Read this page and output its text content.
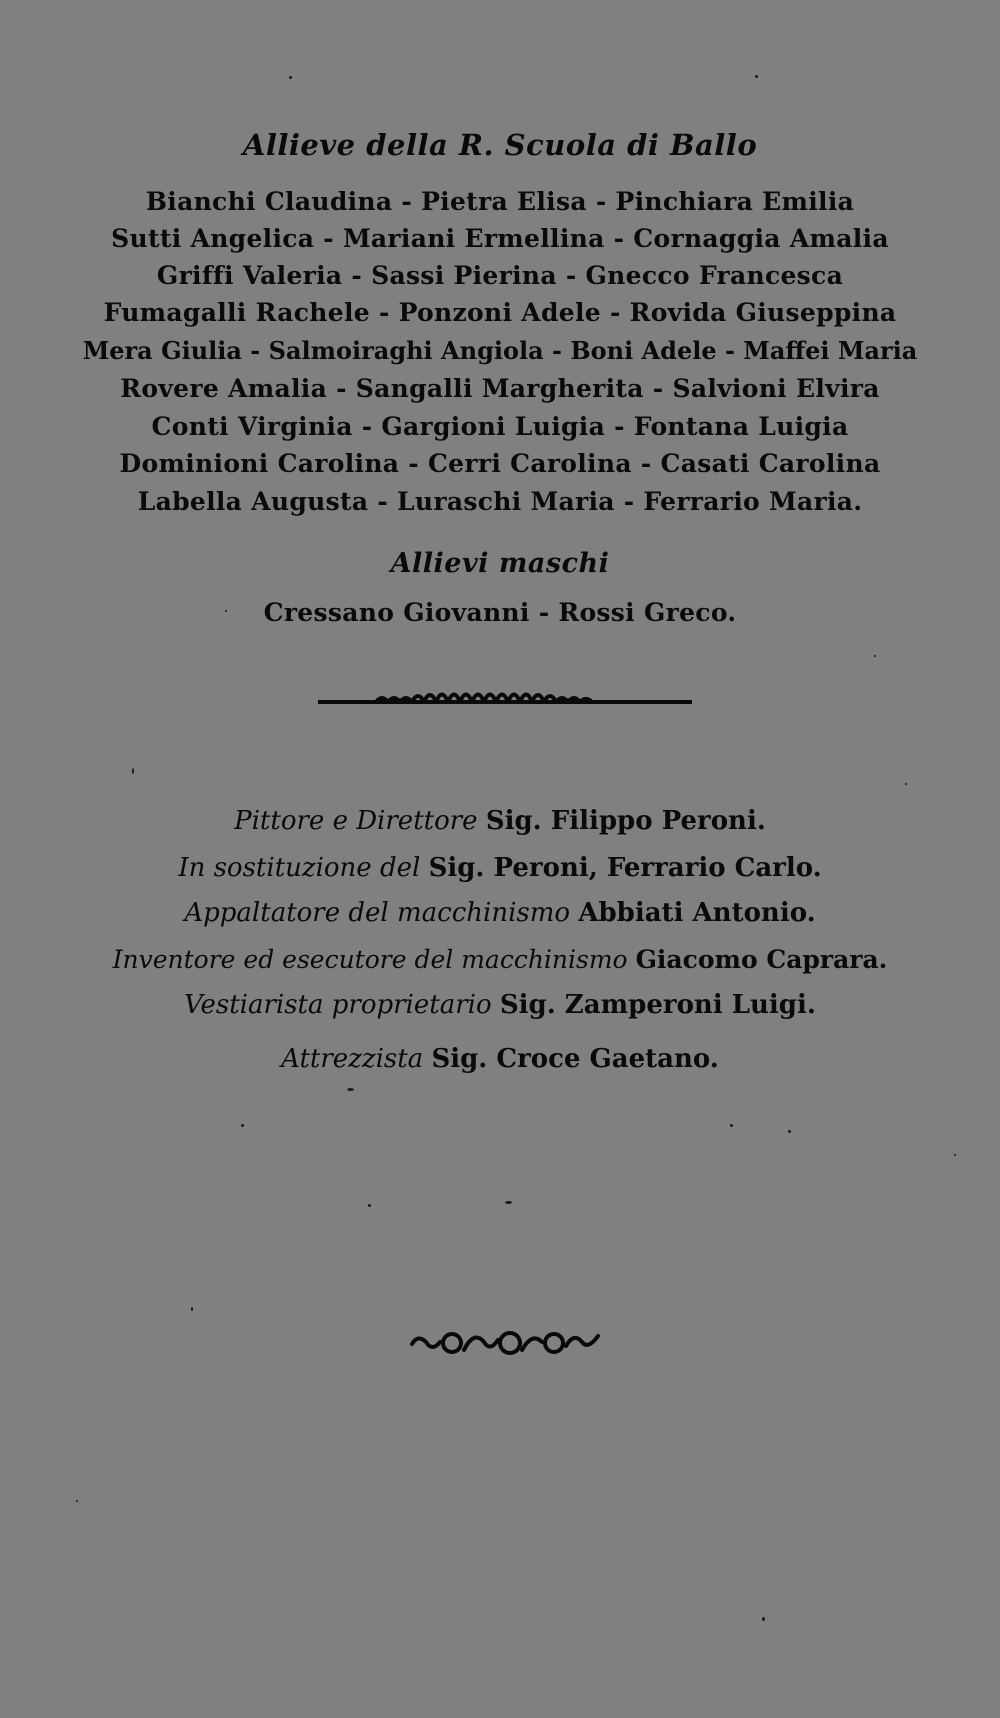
Allieve della R. Scuola di Ballo
Bianchi Claudina - Pietra Elisa - Pinchiara Emilia
Sutti Angelica - Mariani Ermellina - Cornaggia Amalia
Griffi Valeria - Sassi Pierina - Gnecco Francesca
Fumagalli Rachele - Ponzoni Adele - Rovida Giuseppina
Mera Giulia - Salmoiraghi Angiola - Boni Adele - Maffei Maria
Rovere Amalia - Sangalli Margherita - Salvioni Elvira
Conti Virginia - Gargioni Luigia - Fontana Luigia
Dominioni Carolina - Cerri Carolina - Casati Carolina
Labella Augusta - Luraschi Maria - Ferrario Maria.
Allievi maschi
Cressano Giovanni - Rossi Greco.
Pittore e Direttore Sig. Filippo Peroni.
In sostituzione del Sig. Peroni, Ferrario Carlo.
Appaltatore del macchinismo Abbiati Antonio.
Inventore ed esecutore del macchinismo Giacomo Caprara.
Vestiarista proprietario Sig. Zamperoni Luigi.
Attrezzista Sig. Croce Gaetano.
